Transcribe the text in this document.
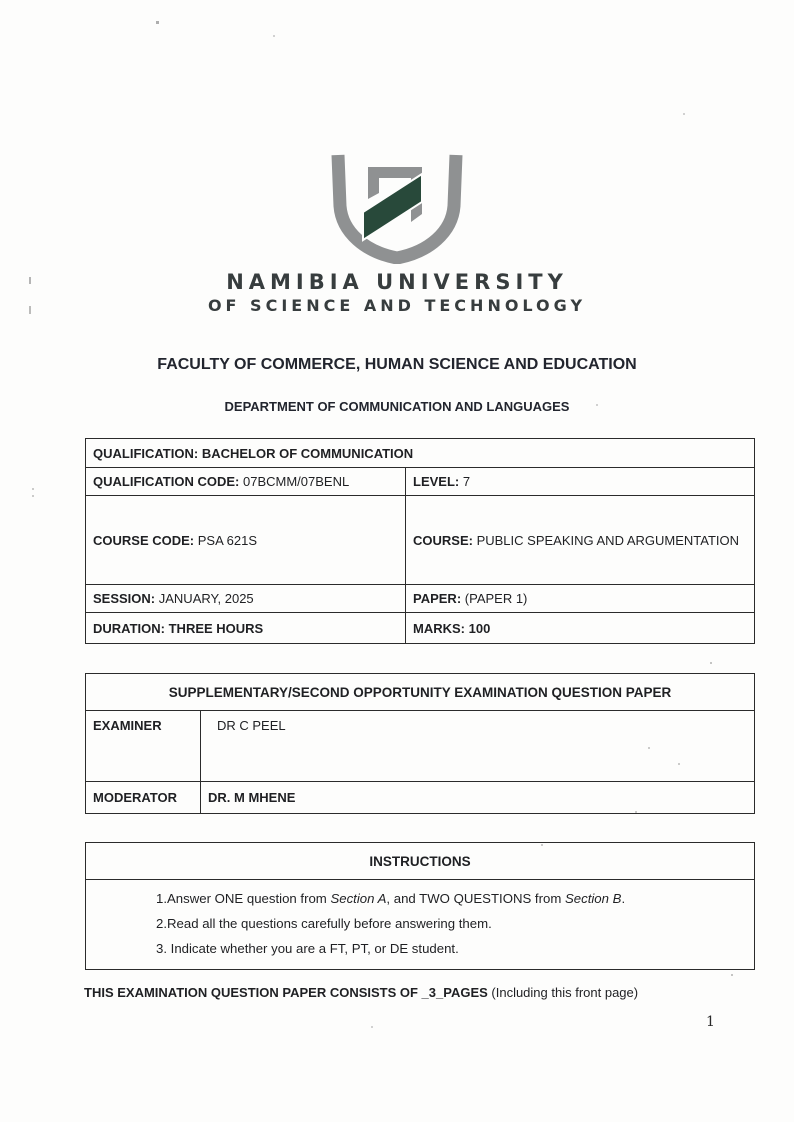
NAMIBIA UNIVERSITY
OF SCIENCE AND TECHNOLOGY
FACULTY OF COMMERCE, HUMAN SCIENCE AND EDUCATION
DEPARTMENT OF COMMUNICATION AND LANGUAGES
QUALIFICATION: BACHELOR OF COMMUNICATION	
QUALIFICATION CODE: 07BCMM/07BENL	LEVEL: 7
COURSE CODE: PSA 621S	COURSE: PUBLIC SPEAKING AND ARGUMENTATION
SESSION: JANUARY, 2025	PAPER: (PAPER 1)
DURATION: THREE HOURS	MARKS: 100
SUPPLEMENTARY/SECOND OPPORTUNITY EXAMINATION QUESTION PAPER	
EXAMINER	DR C PEEL
MODERATOR	DR. M MHENE
INSTRUCTIONS

1.Answer ONE question from Section A, and TWO QUESTIONS from Section B.
2.Read all the questions carefully before answering them.
3. Indicate whether you are a FT, PT, or DE student.
THIS EXAMINATION QUESTION PAPER CONSISTS OF _3_PAGES (Including this front page)
1
